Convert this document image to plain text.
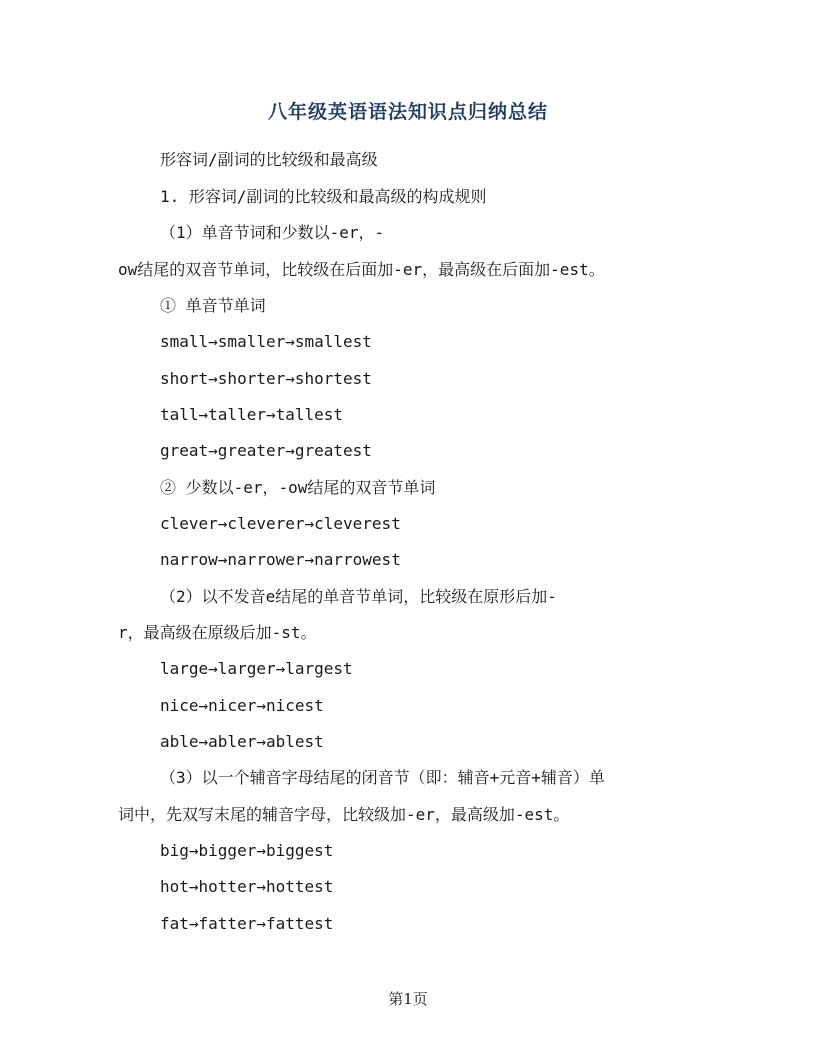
八年级英语语法知识点归纳总结
形容词/副词的比较级和最高级
1. 形容词/副词的比较级和最高级的构成规则
（1）单音节词和少数以-er，-
ow结尾的双音节单词，比较级在后面加-er，最高级在后面加-est。
① 单音节单词
small→smaller→smallest
short→shorter→shortest
tall→taller→tallest
great→greater→greatest
② 少数以-er，-ow结尾的双音节单词
clever→cleverer→cleverest
narrow→narrower→narrowest
（2）以不发音e结尾的单音节单词，比较级在原形后加-
r，最高级在原级后加-st。
large→larger→largest
nice→nicer→nicest
able→abler→ablest
（3）以一个辅音字母结尾的闭音节（即：辅音+元音+辅音）单
词中，先双写末尾的辅音字母，比较级加-er，最高级加-est。
big→bigger→biggest
hot→hotter→hottest
fat→fatter→fattest
第1页
